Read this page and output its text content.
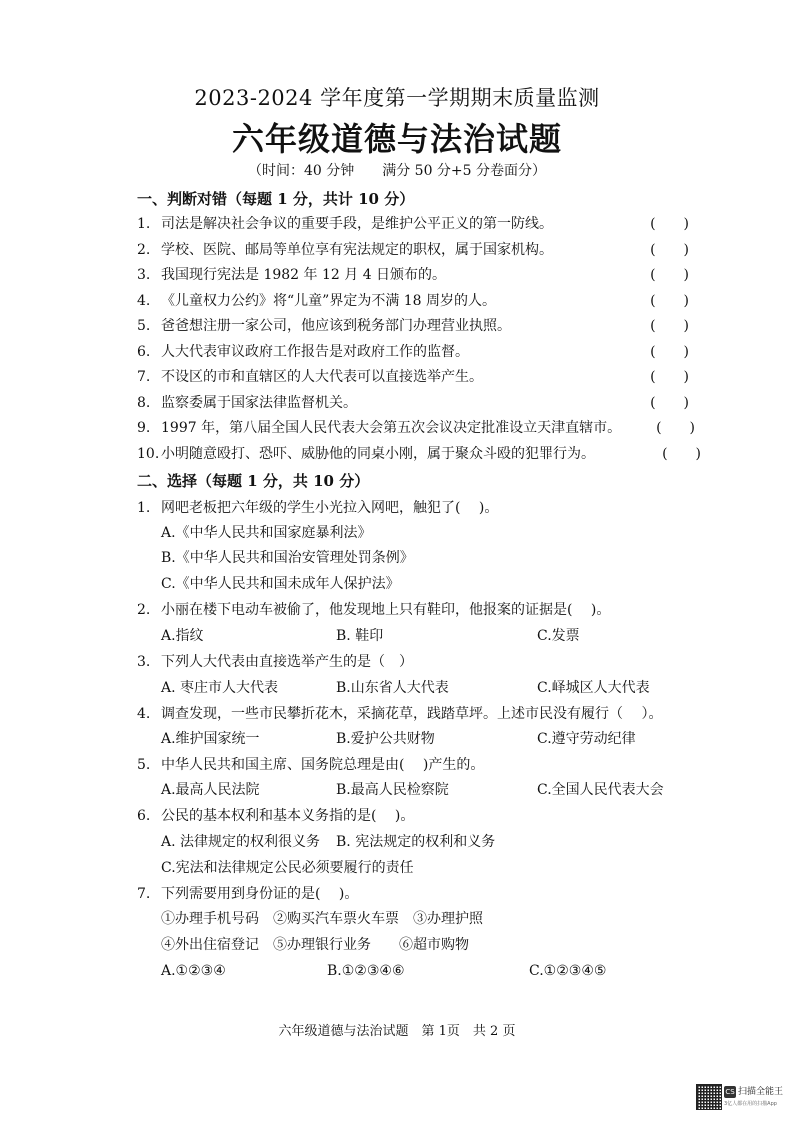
2023-2024 学年度第一学期期末质量监测
六年级道德与法治试题
（时间：40 分钟　　满分 50 分+5 分卷面分）
一、判断对错（每题 1 分，共计 10 分）
1. 司法是解决社会争议的重要手段，是维护公平正义的第一防线。	(　　)
2. 学校、医院、邮局等单位享有宪法规定的职权，属于国家机构。	(　　)
3. 我国现行宪法是 1982 年 12 月 4 日颁布的。	(　　)
4. 《儿童权力公约》将“儿童”界定为不满 18 周岁的人。	(　　)
5. 爸爸想注册一家公司，他应该到税务部门办理营业执照。	(　　)
6. 人大代表审议政府工作报告是对政府工作的监督。	(　　)
7. 不设区的市和直辖区的人大代表可以直接选举产生。	(　　)
8. 监察委属于国家法律监督机关。	(　　)
9. 1997 年，第八届全国人民代表大会第五次会议决定批准设立天津直辖市。 (　　)
10. 小明随意殴打、恐吓、威胁他的同桌小刚，属于聚众斗殴的犯罪行为。	(　　)
二、选择（每题 1 分，共 10 分）
1. 网吧老板把六年级的学生小光拉入网吧，触犯了(　 )。
A.《中华人民共和国家庭暴利法》
B.《中华人民共和国治安管理处罚条例》
C.《中华人民共和国未成年人保护法》
2. 小丽在楼下电动车被偷了，他发现地上只有鞋印，他报案的证据是(　 )。
A.指纹	B. 鞋印	C.发票
3. 下列人大代表由直接选举产生的是（　）
A. 枣庄市人大代表	B.山东省人大代表	C.峄城区人大代表
4. 调查发现，一些市民攀折花木，采摘花草，践踏草坪。上述市民没有履行（　 ）。
A.维护国家统一	B.爱护公共财物	C.遵守劳动纪律
5. 中华人民共和国主席、国务院总理是由(　 )产生的。
A.最高人民法院	B.最高人民检察院	C.全国人民代表大会
6. 公民的基本权利和基本义务指的是(　 )。
A. 法律规定的权利很义务 B. 宪法规定的权利和义务
C.宪法和法律规定公民必须要履行的责任
7. 下列需要用到身份证的是(　 )。
①办理手机号码　②购买汽车票火车票　③办理护照
④外出住宿登记　⑤办理银行业务　　⑥超市购物
A.①②③④	B.①②③④⑥	C.①②③④⑤
六年级道德与法治试题　第 1页　共 2 页
CS 扫描全能王
3亿人都在用的扫描App
